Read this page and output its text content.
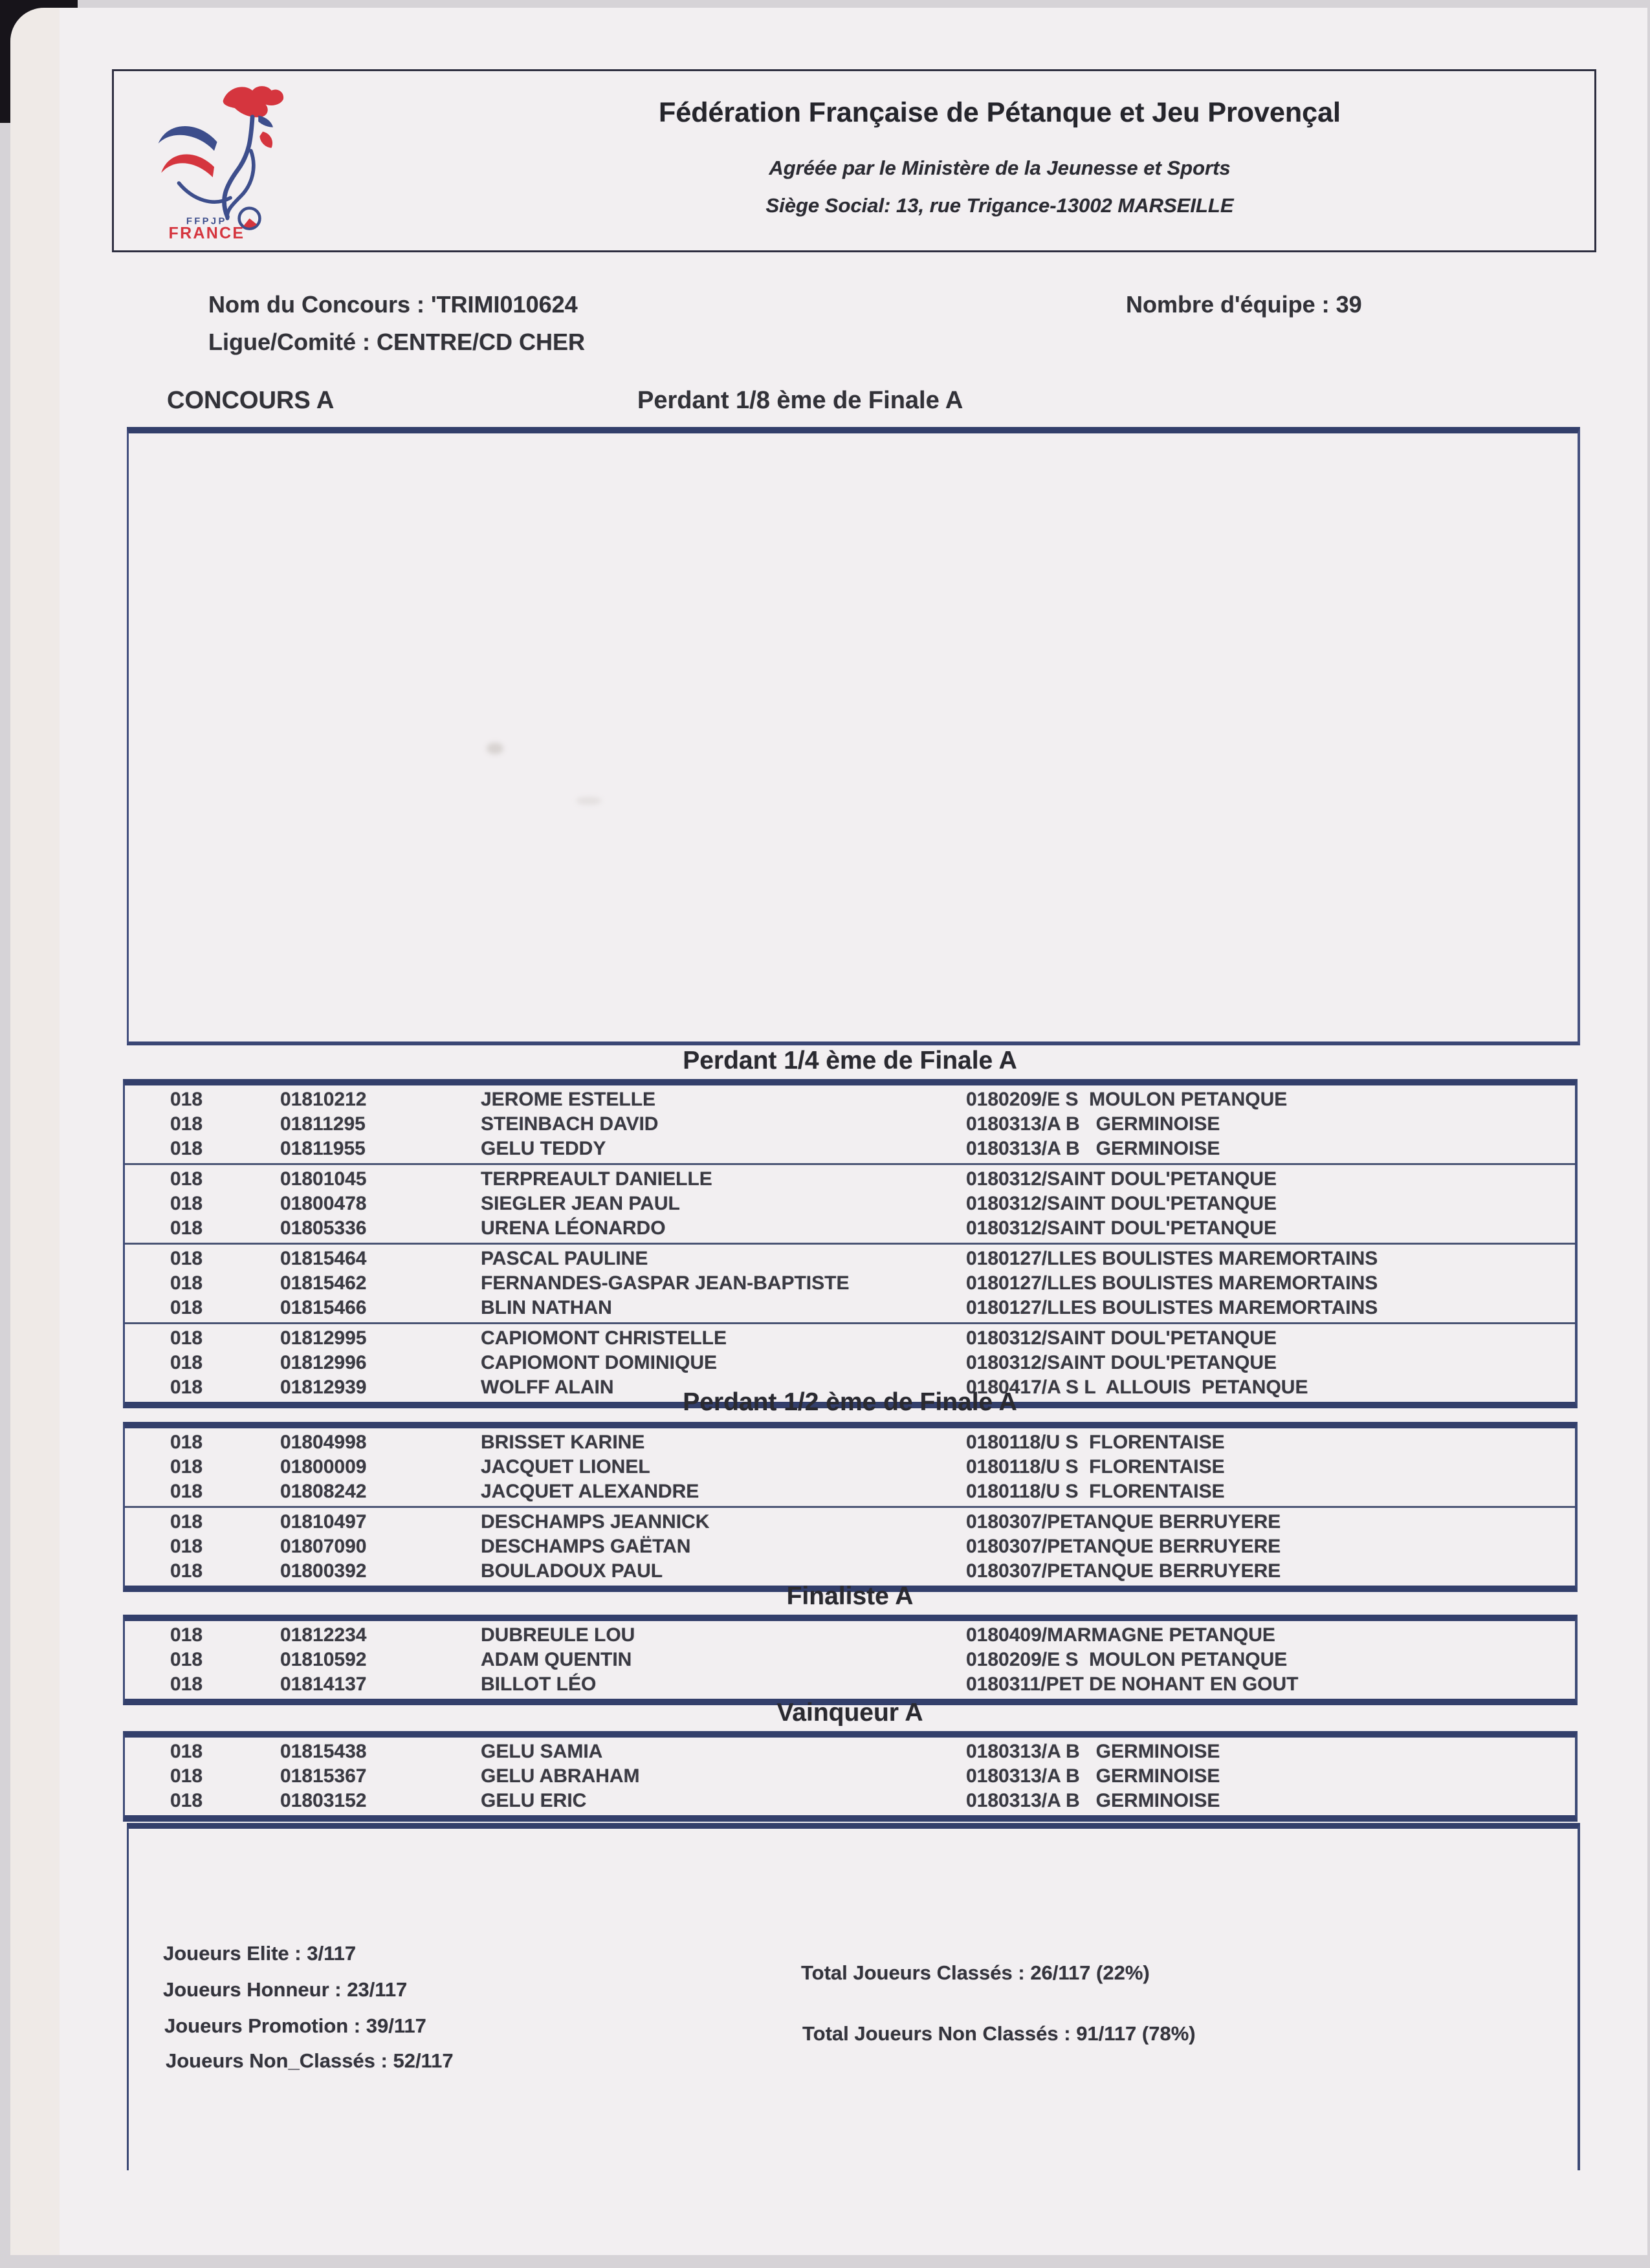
FFPJP
FRANCE
Fédération Française de Pétanque et Jeu Provençal
Agréée par le Ministère de la Jeunesse et Sports
Siège Social: 13, rue Trigance-13002 MARSEILLE
Nom du Concours : 'TRIMI010624	Nombre d'équipe : 39
Ligue/Comité : CENTRE/CD CHER
CONCOURS A	Perdant 1/8 ème de Finale A
Perdant 1/4 ème de Finale A
018	01810212	JEROME ESTELLE	0180209/E S  MOULON PETANQUE
018	01811295	STEINBACH DAVID	0180313/A B   GERMINOISE
018	01811955	GELU TEDDY	0180313/A B   GERMINOISE
018	01801045	TERPREAULT DANIELLE	0180312/SAINT DOUL'PETANQUE
018	01800478	SIEGLER JEAN PAUL	0180312/SAINT DOUL'PETANQUE
018	01805336	URENA LÉONARDO	0180312/SAINT DOUL'PETANQUE
018	01815464	PASCAL PAULINE	0180127/LLES BOULISTES MAREMORTAINS
018	01815462	FERNANDES-GASPAR JEAN-BAPTISTE	0180127/LLES BOULISTES MAREMORTAINS
018	01815466	BLIN NATHAN	0180127/LLES BOULISTES MAREMORTAINS
018	01812995	CAPIOMONT CHRISTELLE	0180312/SAINT DOUL'PETANQUE
018	01812996	CAPIOMONT DOMINIQUE	0180312/SAINT DOUL'PETANQUE
018	01812939	WOLFF ALAIN	0180417/A S L  ALLOUIS  PETANQUE
Perdant 1/2 ème de Finale A
018	01804998	BRISSET KARINE	0180118/U S  FLORENTAISE
018	01800009	JACQUET LIONEL	0180118/U S  FLORENTAISE
018	01808242	JACQUET ALEXANDRE	0180118/U S  FLORENTAISE
018	01810497	DESCHAMPS JEANNICK	0180307/PETANQUE BERRUYERE
018	01807090	DESCHAMPS GAËTAN	0180307/PETANQUE BERRUYERE
018	01800392	BOULADOUX PAUL	0180307/PETANQUE BERRUYERE
Finaliste A
018	01812234	DUBREULE LOU	0180409/MARMAGNE PETANQUE
018	01810592	ADAM QUENTIN	0180209/E S  MOULON PETANQUE
018	01814137	BILLOT LÉO	0180311/PET DE NOHANT EN GOUT
Vainqueur A
018	01815438	GELU SAMIA	0180313/A B   GERMINOISE
018	01815367	GELU ABRAHAM	0180313/A B   GERMINOISE
018	01803152	GELU ERIC	0180313/A B   GERMINOISE
Joueurs Elite : 3/117
Joueurs Honneur : 23/117
Joueurs Promotion : 39/117
Joueurs Non_Classés : 52/117
Total Joueurs Classés : 26/117 (22%)
Total Joueurs Non Classés : 91/117 (78%)
